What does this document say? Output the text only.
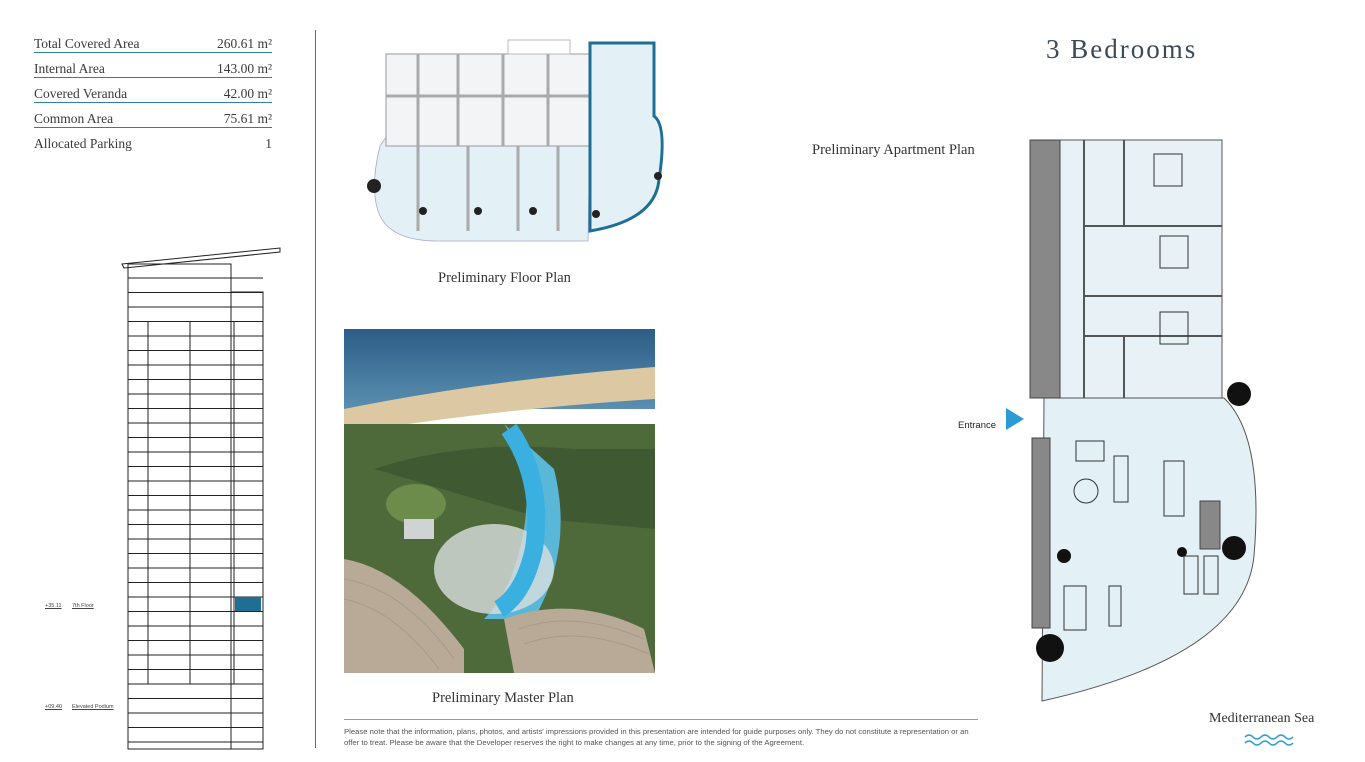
Total Covered Area	260.61 m²
Internal Area	143.00 m²
Covered Veranda	42.00 m²
Common Area	75.61 m²
Allocated Parking	1
+35.11 7th Floor
+09.40 Elevated Podium
Preliminary Floor Plan
Preliminary Master Plan
3 Bedrooms
Preliminary Apartment Plan
Entrance
Mediterranean Sea
Please note that the information, plans, photos, and artists' impressions provided in this presentation are intended for guide purposes only. They do not constitute a representation or an offer to treat. Please be aware that the Developer reserves the right to make changes at any time, prior to the signing of the Agreement.
